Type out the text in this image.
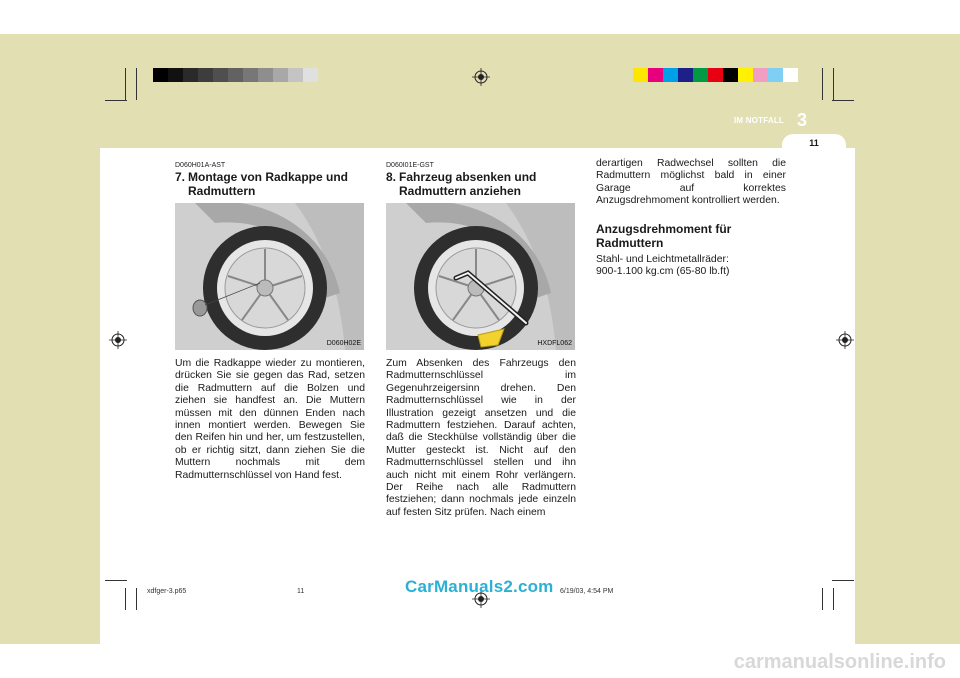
IM NOTFALL 3
11
D060H01A-AST
7. Montage von Radkappe und
Radmuttern
D060H02E

Um die Radkappe wieder zu montieren, drücken Sie sie gegen das Rad, setzen die Radmuttern auf die Bolzen und ziehen sie handfest an. Die Muttern müssen mit den dünnen Enden nach innen montiert werden. Bewegen Sie den Reifen hin und her, um festzustellen, ob er richtig sitzt, dann ziehen Sie die Muttern nochmals mit dem Radmutternschlüssel von Hand fest.

D060I01E-GST
8. Fahrzeug absenken und
Radmuttern anziehen
HXDFL062

Zum Absenken des Fahrzeugs den Radmutternschlüssel im Gegenuhrzeigersinn drehen. Den Radmutternschlüssel wie in der Illustration gezeigt ansetzen und die Radmuttern festziehen. Darauf achten, daß die Steckhülse vollständig über die Mutter gesteckt ist. Nicht auf den Radmutternschlüssel stellen und ihn auch nicht mit einem Rohr verlängern. Der Reihe nach alle Radmuttern festziehen; dann nochmals jede einzeln auf festen Sitz prüfen. Nach einem

derartigen Radwechsel sollten die Radmuttern möglichst bald in einer Garage auf korrektes Anzugsdrehmoment kontrolliert werden.

Anzugsdrehmoment für Radmuttern
Stahl- und Leichtmetallräder:
900-1.100 kg.cm (65-80 lb.ft)
xdfger-3.p65	11	6/19/03, 4:54 PM
CarManuals2.com
carmanualsonline.info
